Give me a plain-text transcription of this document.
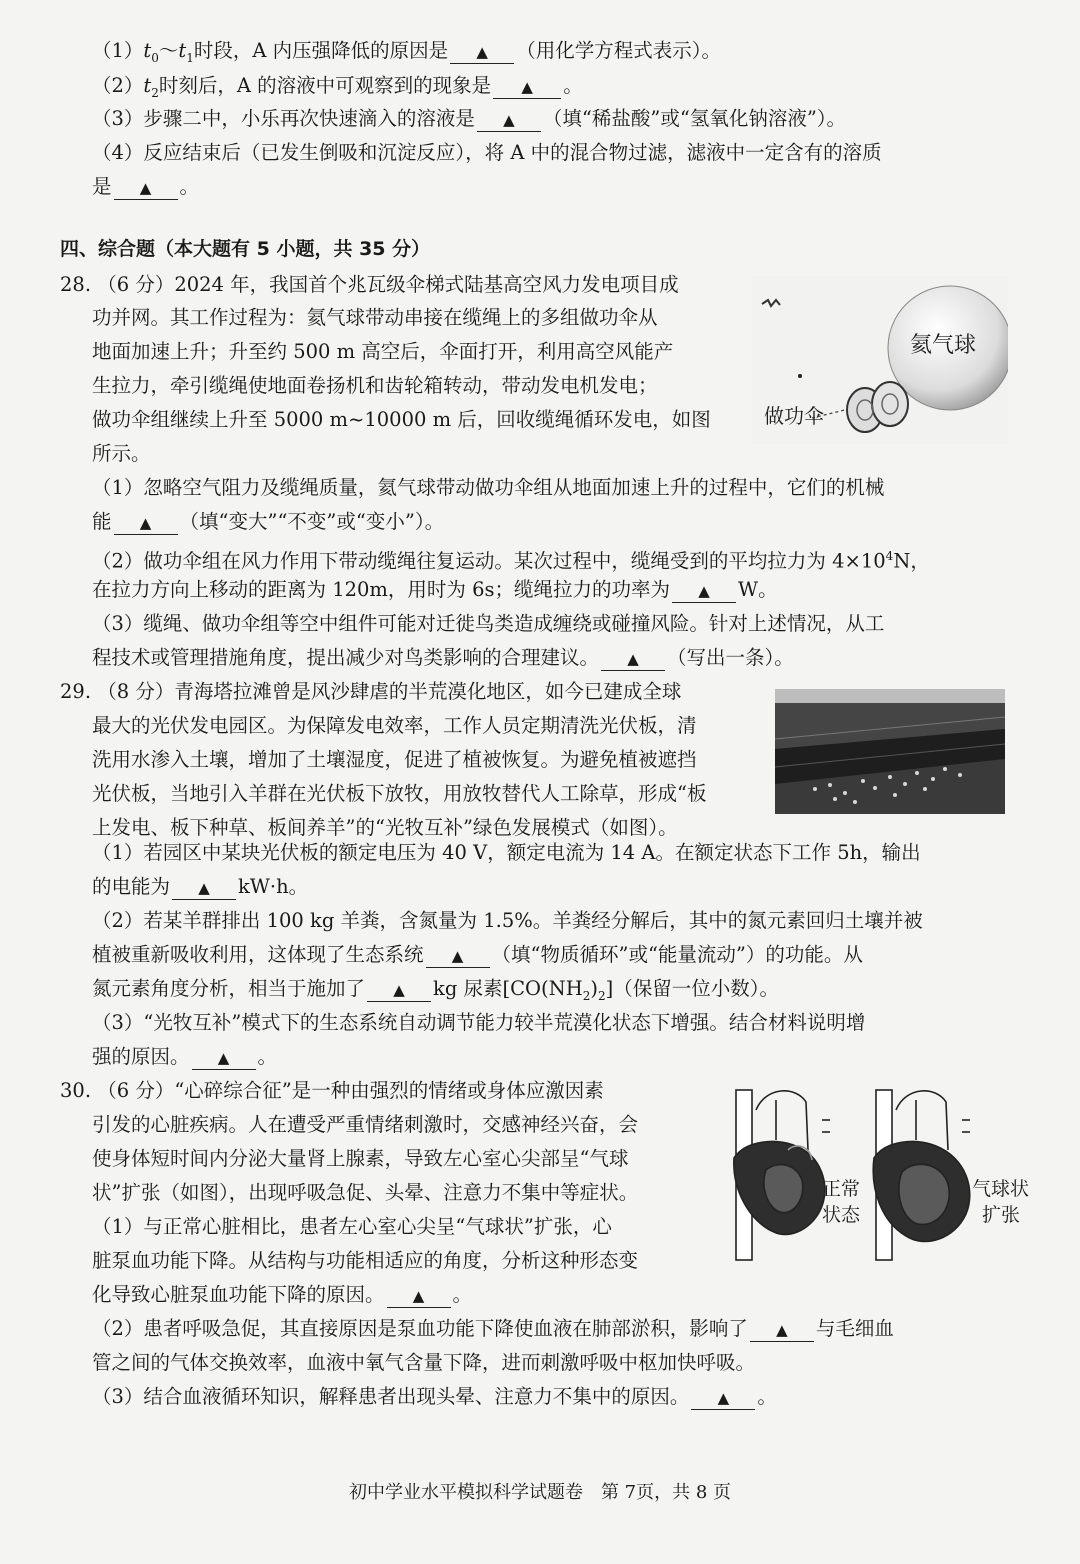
$(1)t_0\sim t_1$时段，A 内压强降低的原因是 ▲ （用化学方程式表示）。
$(2)t_2$时刻后，A 的溶液中可观察到的现象是 ▲ 。
（3）步骤二中，小乐再次快速滴入的溶液是 ▲ （填“稀盐酸”或“氢氧化钠溶液”）。
（4）反应结束后（已发生倒吸和沉淀反应），将 A 中的混合物过滤，滤液中一定含有的溶质
是 ▲ 。
四、综合题（本大题有 5 小题，共 35 分）
28. （6 分）2024 年，我国首个兆瓦级伞梯式陆基高空风力发电项目成
功并网。其工作过程为：氦气球带动串接在缆绳上的多组做功伞从
地面加速上升；升至约 500 m 高空后，伞面打开，利用高空风能产
生拉力，牵引缆绳使地面卷扬机和齿轮箱转动，带动发电机发电；
做功伞组继续上升至 5000 m~10000 m 后，回收缆绳循环发电，如图
所示。
氦气球
做功伞
（1）忽略空气阻力及缆绳质量，氦气球带动做功伞组从地面加速上升的过程中，它们的机械
能 ▲ （填“变大”“不变”或“变小”）。
（2）做功伞组在风力作用下带动缆绳往复运动。某次过程中，缆绳受到的平均拉力为 $4\times 10^4N$，
在拉力方向上移动的距离为 120m，用时为 6s；缆绳拉力的功率为 ▲ W。
（3）缆绳、做功伞组等空中组件可能对迁徙鸟类造成缠绕或碰撞风险。针对上述情况，从工
程技术或管理措施角度，提出减少对鸟类影响的合理建议。 ▲ （写出一条）。
29. （8 分）青海塔拉滩曾是风沙肆虐的半荒漠化地区，如今已建成全球
最大的光伏发电园区。为保障发电效率，工作人员定期清洗光伏板，清
洗用水渗入土壤，增加了土壤湿度，促进了植被恢复。为避免植被遮挡
光伏板，当地引入羊群在光伏板下放牧，用放牧替代人工除草，形成“板
上发电、板下种草、板间养羊”的“光牧互补”绿色发展模式（如图）。
（1）若园区中某块光伏板的额定电压为 40 V，额定电流为 14 A。在额定状态下工作 5h，输出
的电能为 ▲ kW·h。
（2）若某羊群排出 100 kg 羊粪，含氮量为 1.5%。羊粪经分解后，其中的氮元素回归土壤并被
植被重新吸收利用，这体现了生态系统 ▲ （填“物质循环”或“能量流动”）的功能。从
氮元素角度分析，相当于施加了 ▲ kg 尿素$[CO(NH_2)_2]$（保留一位小数）。
（3）“光牧互补”模式下的生态系统自动调节能力较半荒漠化状态下增强。结合材料说明增
强的原因。 ▲ 。
30. （6 分）“心碎综合征”是一种由强烈的情绪或身体应激因素
引发的心脏疾病。人在遭受严重情绪刺激时，交感神经兴奋，会
使身体短时间内分泌大量肾上腺素，导致左心室心尖部呈“气球
状”扩张（如图），出现呼吸急促、头晕、注意力不集中等症状。
（1）与正常心脏相比，患者左心室心尖呈“气球状”扩张，心
脏泵血功能下降。从结构与功能相适应的角度，分析这种形态变
化导致心脏泵血功能下降的原因。 ▲ 。
正常
状态
气球状
扩张
（2）患者呼吸急促，其直接原因是泵血功能下降使血液在肺部淤积，影响了 ▲ 与毛细血
管之间的气体交换效率，血液中氧气含量下降，进而刺激呼吸中枢加快呼吸。
（3）结合血液循环知识，解释患者出现头晕、注意力不集中的原因。 ▲ 。
初中学业水平模拟科学试题卷　第 7页，共 8 页
